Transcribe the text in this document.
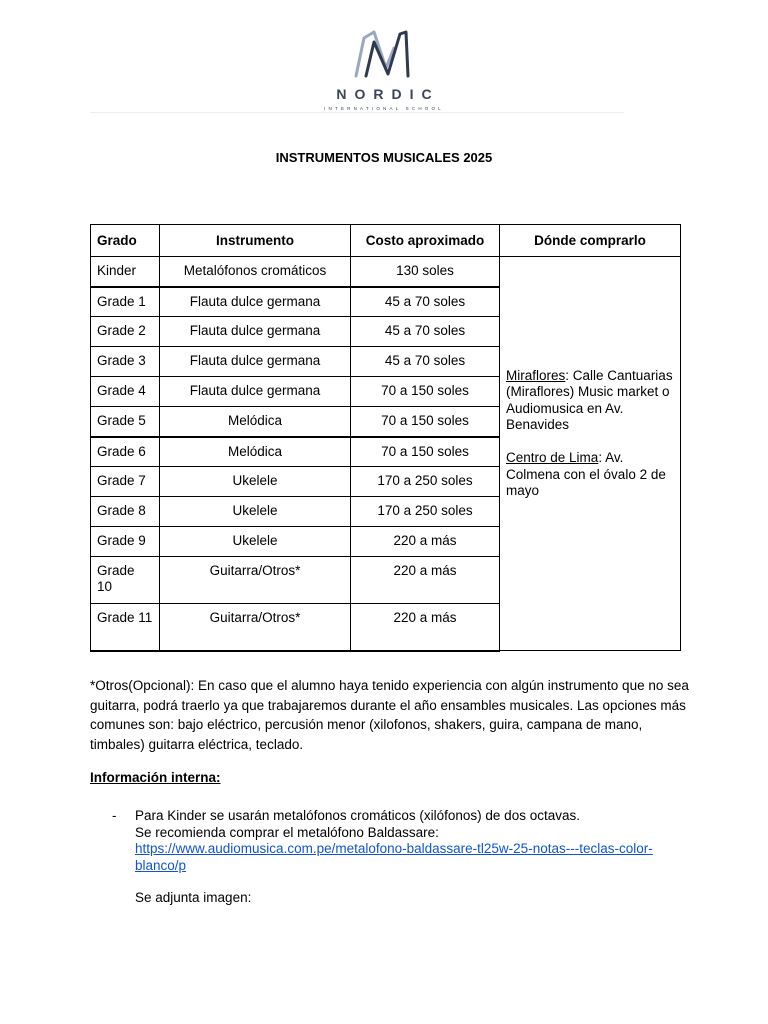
NORDIC
INTERNATIONAL SCHOOL
INSTRUMENTOS MUSICALES 2025
Grado	Instrumento	Costo aproximado	Dónde comprarlo
Kinder	Metalófonos cromáticos	130 soles	Miraflores: Calle Cantuarias (Miraflores) Music market o Audiomusica en Av. Benavides

Centro de Lima: Av. Colmena con el óvalo 2 de mayo
Grade 1	Flauta dulce germana	45 a 70 soles	
Grade 2	Flauta dulce germana	45 a 70 soles	
Grade 3	Flauta dulce germana	45 a 70 soles	
Grade 4	Flauta dulce germana	70 a 150 soles	
Grade 5	Melódica	70 a 150 soles	
Grade 6	Melódica	70 a 150 soles	
Grade 7	Ukelele	170 a 250 soles	
Grade 8	Ukelele	170 a 250 soles	
Grade 9	Ukelele	220 a más	
Grade 10	Guitarra/Otros*	220 a más	
Grade 11	Guitarra/Otros*	220 a más	
*Otros(Opcional): En caso que el alumno haya tenido experiencia con algún instrumento que no sea guitarra, podrá traerlo ya que trabajaremos durante el año ensambles musicales. Las opciones más comunes son: bajo eléctrico, percusión menor (xilofonos, shakers, guira, campana de mano, timbales) guitarra eléctrica, teclado.
Información interna:
- Para Kinder se usarán metalófonos cromáticos (xilófonos) de dos octavas.
Se recomienda comprar el metalófono Baldassare:
https://www.audiomusica.com.pe/metalofono-baldassare-tl25w-25-notas---teclas-color-blanco/p
Se adjunta imagen:
